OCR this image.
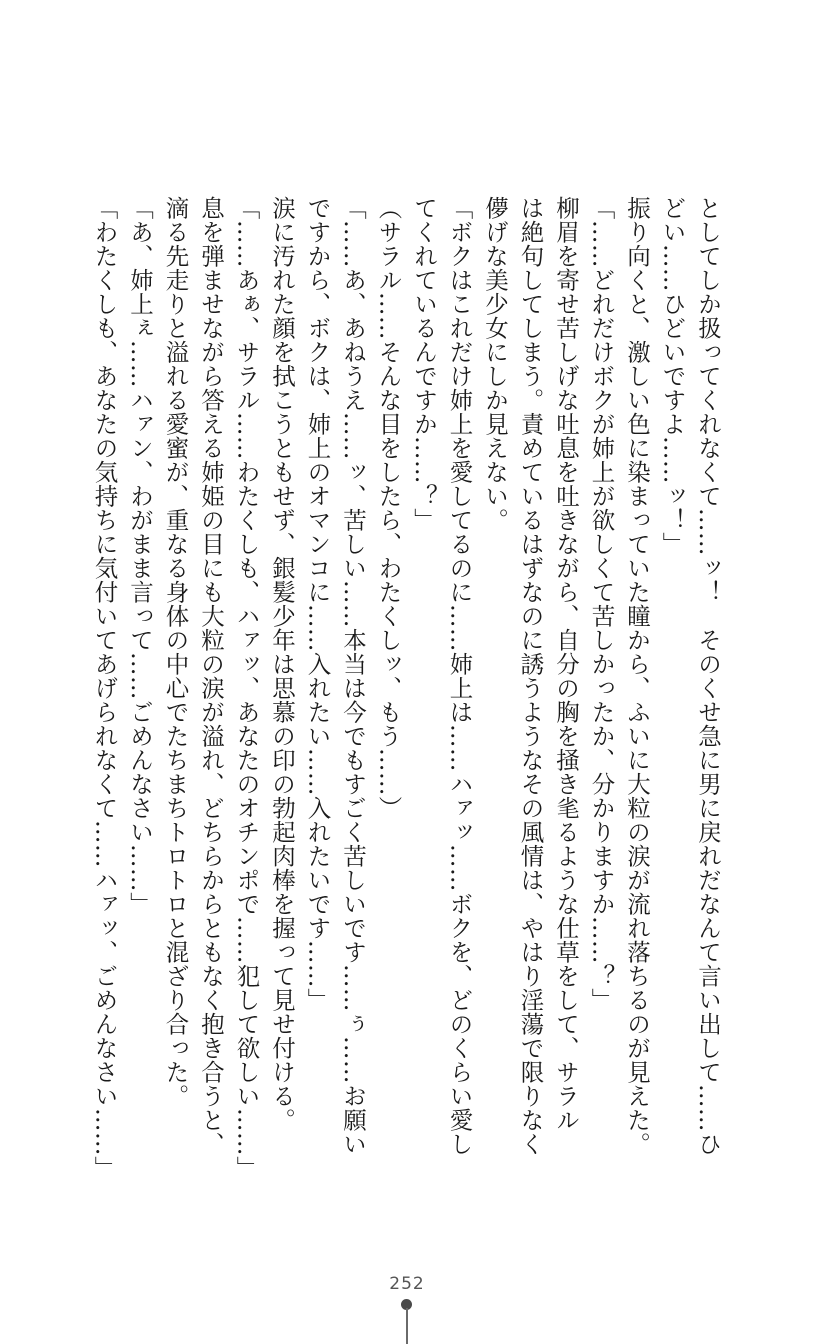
としてしか扱ってくれなくて……ッ！　そのくせ急に男に戻れだなんて言い出して……ひ
どい……ひどいですよ……ッ！」
振り向くと、激しい色に染まっていた瞳から、ふいに大粒の涙が流れ落ちるのが見えた。
「……どれだけボクが姉上が欲しくて苦しかったか、分かりますか……？」
柳眉を寄せ苦しげな吐息を吐きながら、自分の胸を掻き毟るような仕草をして、サラル
は絶句してしまう。責めているはずなのに誘うようなその風情は、やはり淫蕩で限りなく
儚げな美少女にしか見えない。
「ボクはこれだけ姉上を愛してるのに……姉上は……ハァッ……ボクを、どのくらい愛し
てくれているんですか……？」
（サラル……そんな目をしたら、わたくしッ、もう……）
「……あ、あねうえ……ッ、苦しい……本当は今でもすごく苦しいです……ぅ……お願い
ですから、ボクは、姉上のオマンコに……入れたい……入れたいです……」
涙に汚れた顔を拭こうともせず、銀髪少年は思慕の印の勃起肉棒を握って見せ付ける。
「……あぁ、サラル……わたくしも、ハァッ、あなたのオチンポで……犯して欲しい……」
息を弾ませながら答える姉姫の目にも大粒の涙が溢れ、どちらからともなく抱き合うと、
滴る先走りと溢れる愛蜜が、重なる身体の中心でたちまちトロトロと混ざり合った。
「あ、姉上ぇ……ハァン、わがまま言って……ごめんなさい……」
「わたくしも、あなたの気持ちに気付いてあげられなくて……ハァッ、ごめんなさい……」
252
